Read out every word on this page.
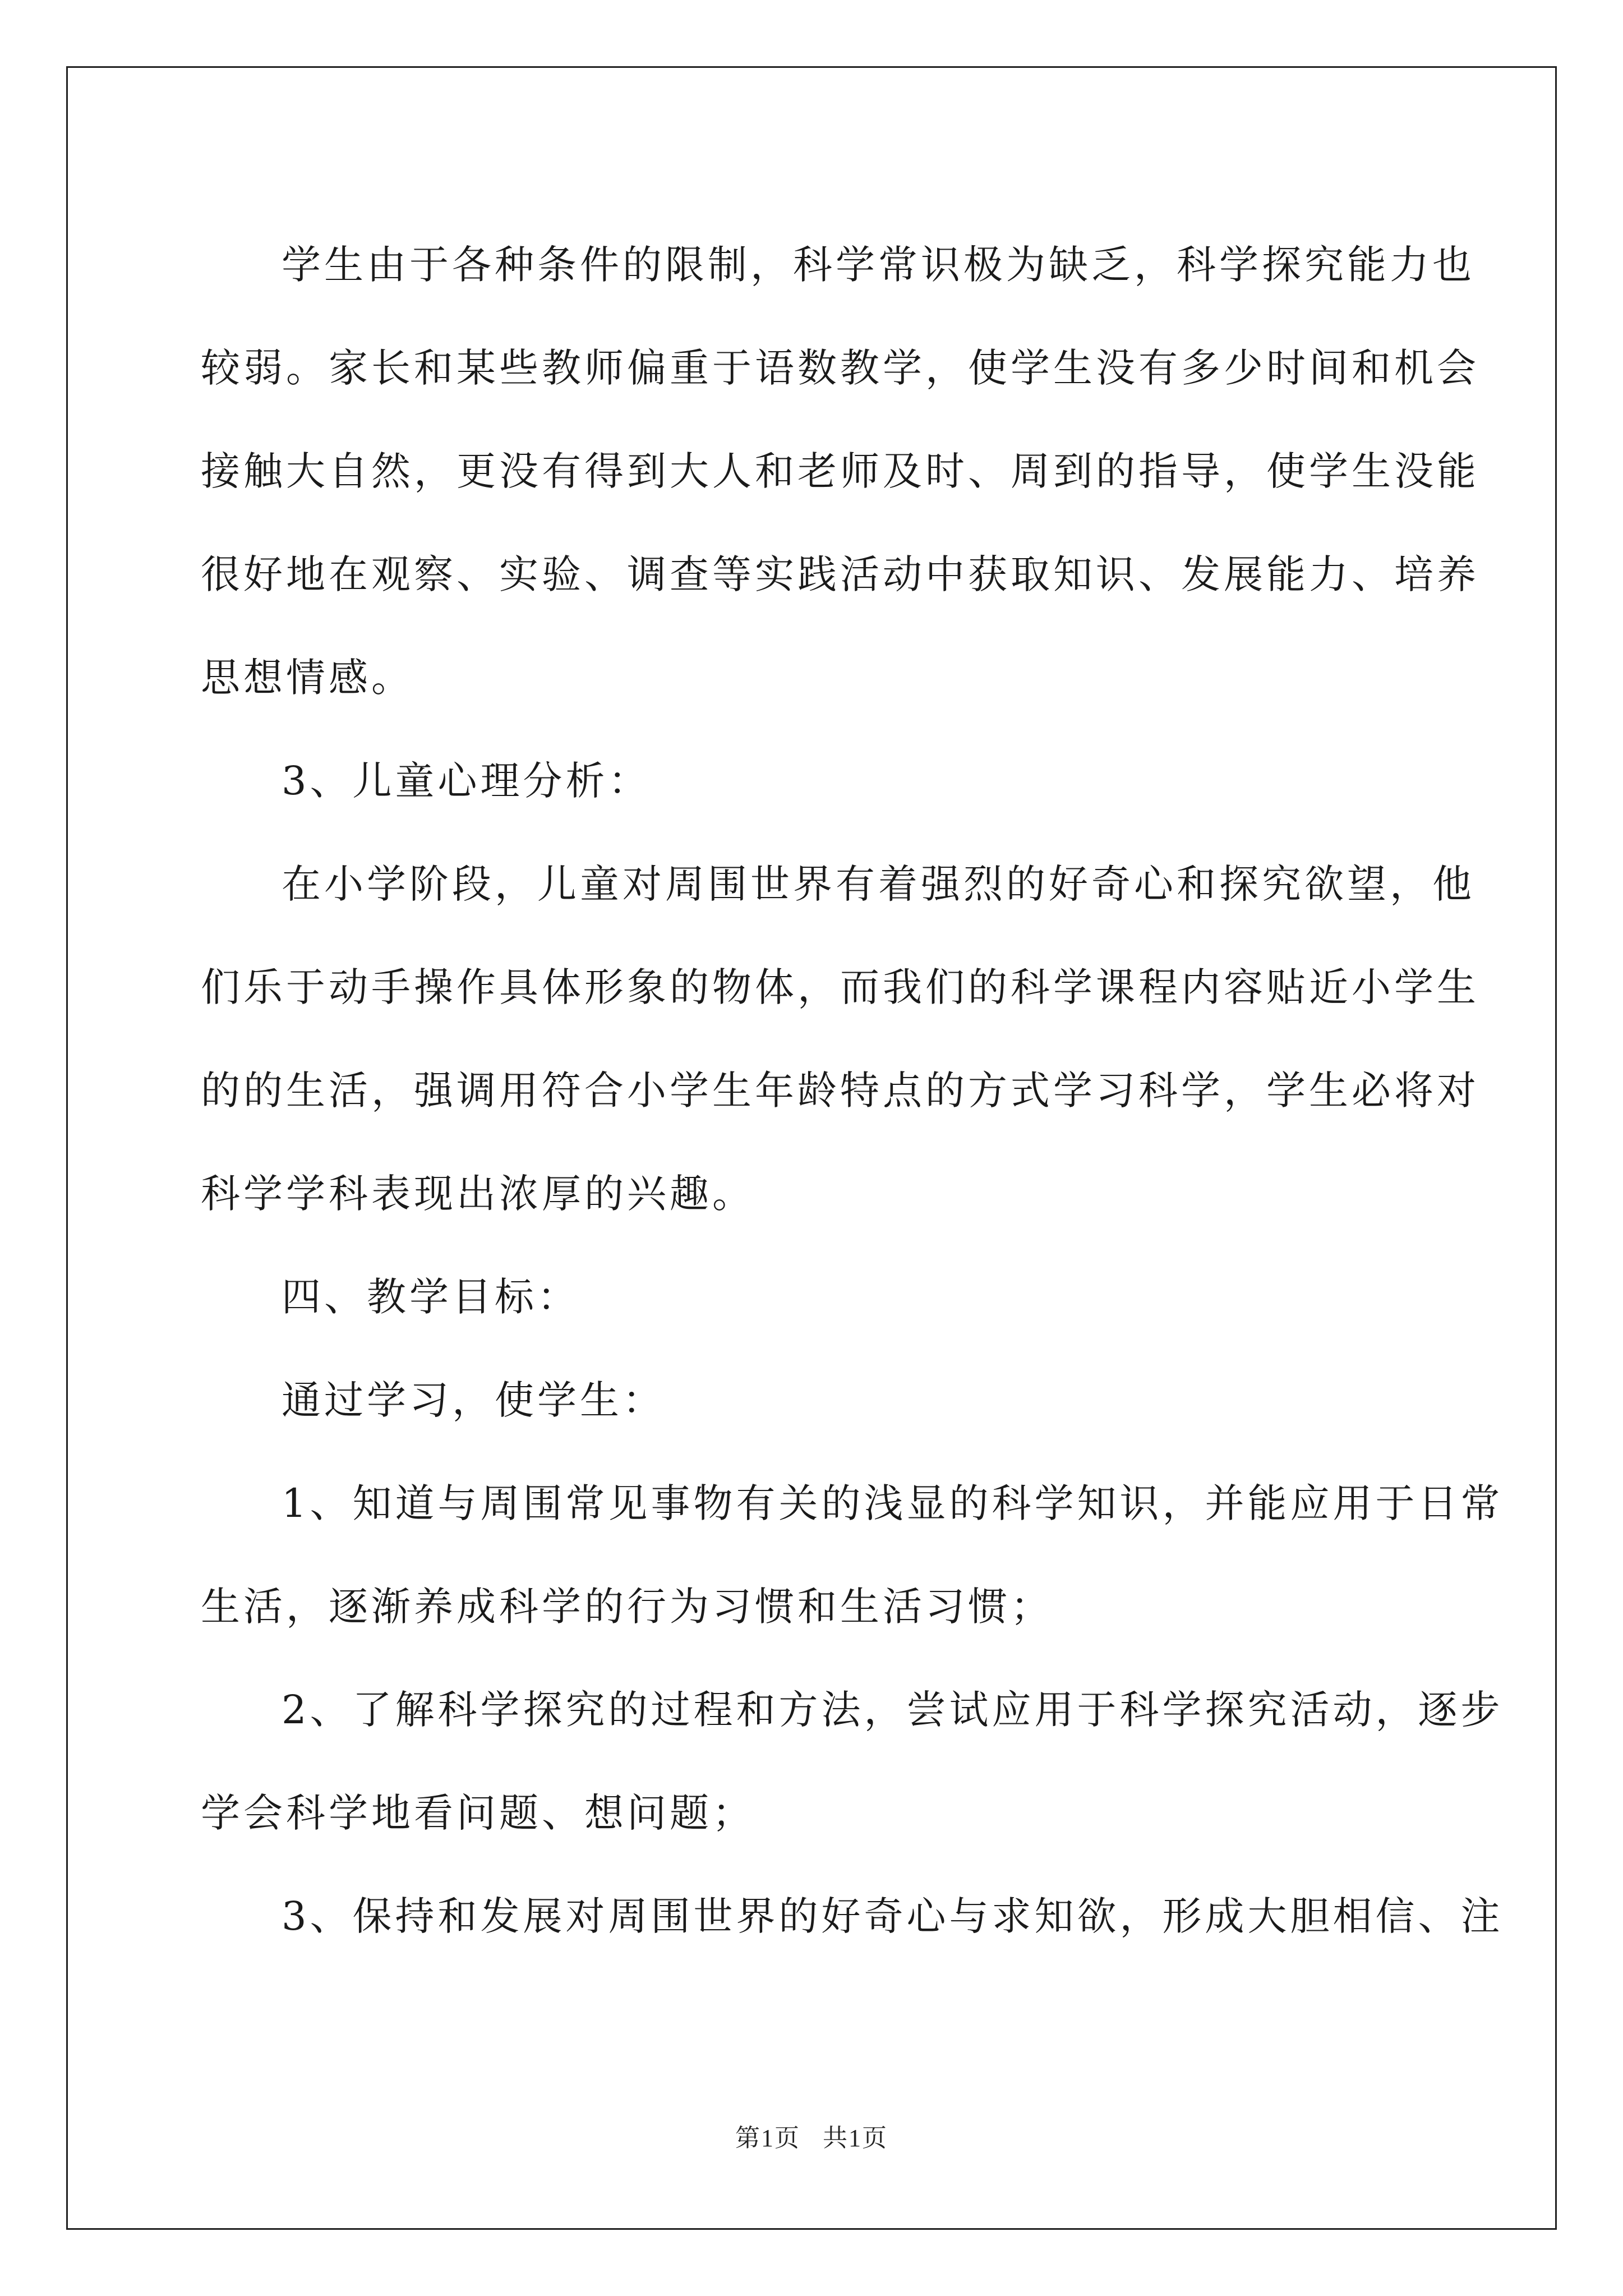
学生由于各种条件的限制，科学常识极为缺乏，科学探究能力也
较弱。家长和某些教师偏重于语数教学，使学生没有多少时间和机会
接触大自然，更没有得到大人和老师及时、周到的指导，使学生没能
很好地在观察、实验、调查等实践活动中获取知识、发展能力、培养
思想情感。
3、儿童心理分析：
在小学阶段，儿童对周围世界有着强烈的好奇心和探究欲望，他
们乐于动手操作具体形象的物体，而我们的科学课程内容贴近小学生
的的生活，强调用符合小学生年龄特点的方式学习科学，学生必将对
科学学科表现出浓厚的兴趣。
四、教学目标：
通过学习，使学生：
1、知道与周围常见事物有关的浅显的科学知识，并能应用于日常
生活，逐渐养成科学的行为习惯和生活习惯；
2、了解科学探究的过程和方法，尝试应用于科学探究活动，逐步
学会科学地看问题、想问题；
3、保持和发展对周围世界的好奇心与求知欲，形成大胆相信、注
第1页 共1页
